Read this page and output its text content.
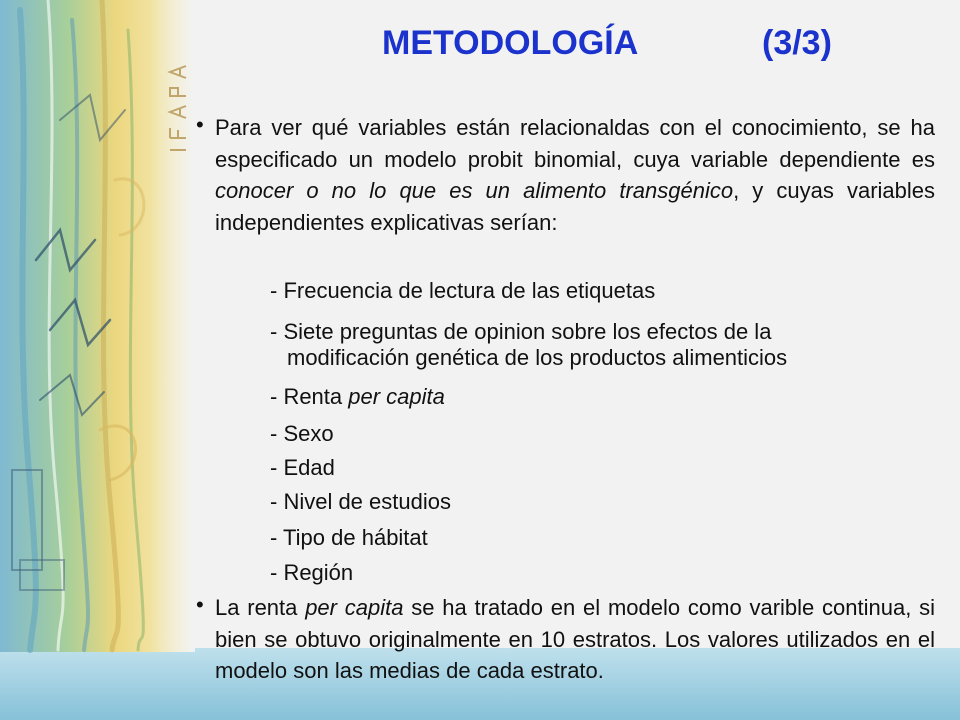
METODOLOGÍA	(3/3)
• Para ver qué variables están relacionaldas con el conocimiento, se ha especificado un modelo probit binomial, cuya variable dependiente es conocer o no lo que es un alimento transgénico, y cuyas variables independientes explicativas serían:
- Frecuencia de lectura de las etiquetas
- Siete preguntas de opinion sobre los efectos de la
modificación genética de los productos alimenticios
- Renta per capita
- Sexo
- Edad
- Nivel de estudios
- Tipo de hábitat
- Región
• La renta per capita se ha tratado en el modelo como varible continua, si bien se obtuvo originalmente en 10 estratos. Los valores utilizados en el modelo son las medias de cada estrato.
